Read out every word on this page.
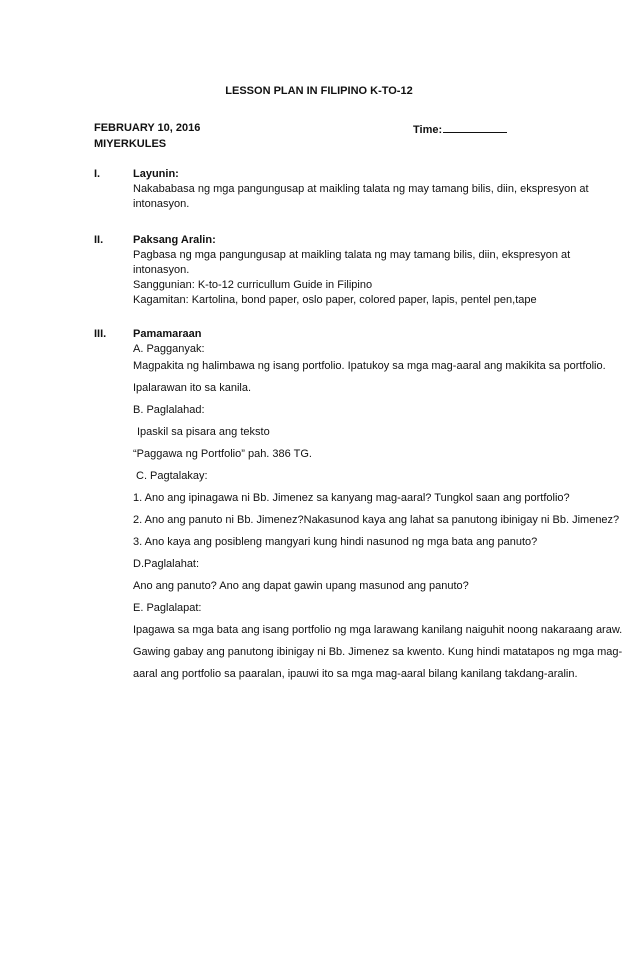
LESSON PLAN IN FILIPINO K-TO-12
FEBRUARY 10, 2016	Time:
MIYERKULES
I.	Layunin:
Nakababasa ng mga pangungusap at maikling talata ng may tamang bilis, diin, ekspresyon at
intonasyon.
II.	Paksang Aralin:
Pagbasa ng mga pangungusap at maikling talata ng may tamang bilis, diin, ekspresyon at
intonasyon.
Sanggunian: K-to-12 curricullum Guide in Filipino
Kagamitan: Kartolina, bond paper, oslo paper, colored paper, lapis, pentel pen,tape
III. Pamamaraan
A. Pagganyak:
Magpakita ng halimbawa ng isang portfolio. Ipatukoy sa mga mag-aaral ang makikita sa portfolio.
Ipalarawan ito sa kanila.
B. Paglalahad:
Ipaskil sa pisara ang teksto
“Paggawa ng Portfolio” pah. 386 TG.
C. Pagtalakay:
1. Ano ang ipinagawa ni Bb. Jimenez sa kanyang mag-aaral? Tungkol saan ang portfolio?
2. Ano ang panuto ni Bb. Jimenez?Nakasunod kaya ang lahat sa panutong ibinigay ni Bb. Jimenez?
3. Ano kaya ang posibleng mangyari kung hindi nasunod ng mga bata ang panuto?
D.Paglalahat:
Ano ang panuto? Ano ang dapat gawin upang masunod ang panuto?
E. Paglalapat:
Ipagawa sa mga bata ang isang portfolio ng mga larawang kanilang naiguhit noong nakaraang araw.
Gawing gabay ang panutong ibinigay ni Bb. Jimenez sa kwento. Kung hindi matatapos ng mga mag-
aaral ang portfolio sa paaralan, ipauwi ito sa mga mag-aaral bilang kanilang takdang-aralin.
